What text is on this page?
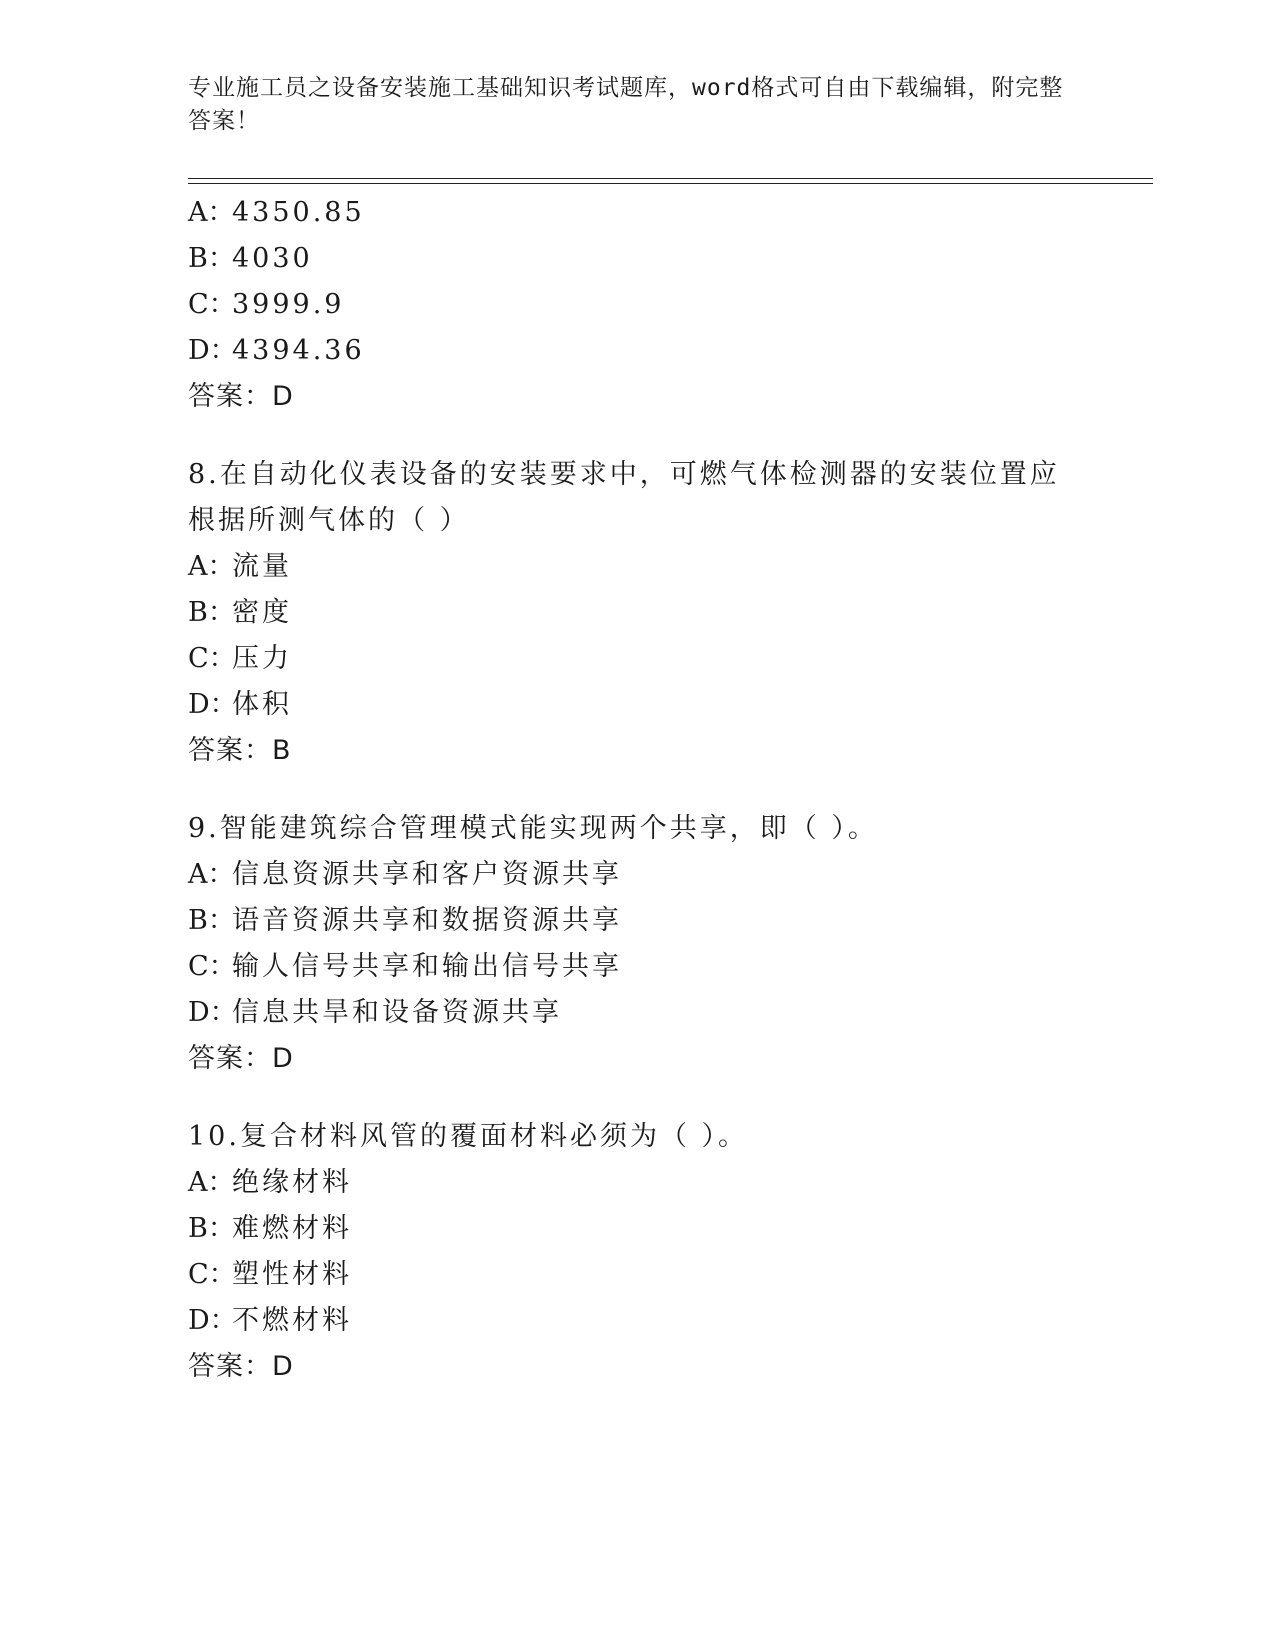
专业施工员之设备安装施工基础知识考试题库，word格式可自由下载编辑，附完整答案！
A：4350.85
B：4030
C：3999.9
D：4394.36
答案：D
8.在自动化仪表设备的安装要求中，可燃气体检测器的安装位置应根据所测气体的（ ）
A：流量
B：密度
C：压力
D：体积
答案：B
9.智能建筑综合管理模式能实现两个共享，即（ ）。
A：信息资源共享和客户资源共享
B：语音资源共享和数据资源共享
C：输人信号共享和输出信号共享
D：信息共旱和设备资源共享
答案：D
10.复合材料风管的覆面材料必须为（ ）。
A：绝缘材料
B：难燃材料
C：塑性材料
D：不燃材料
答案：D
